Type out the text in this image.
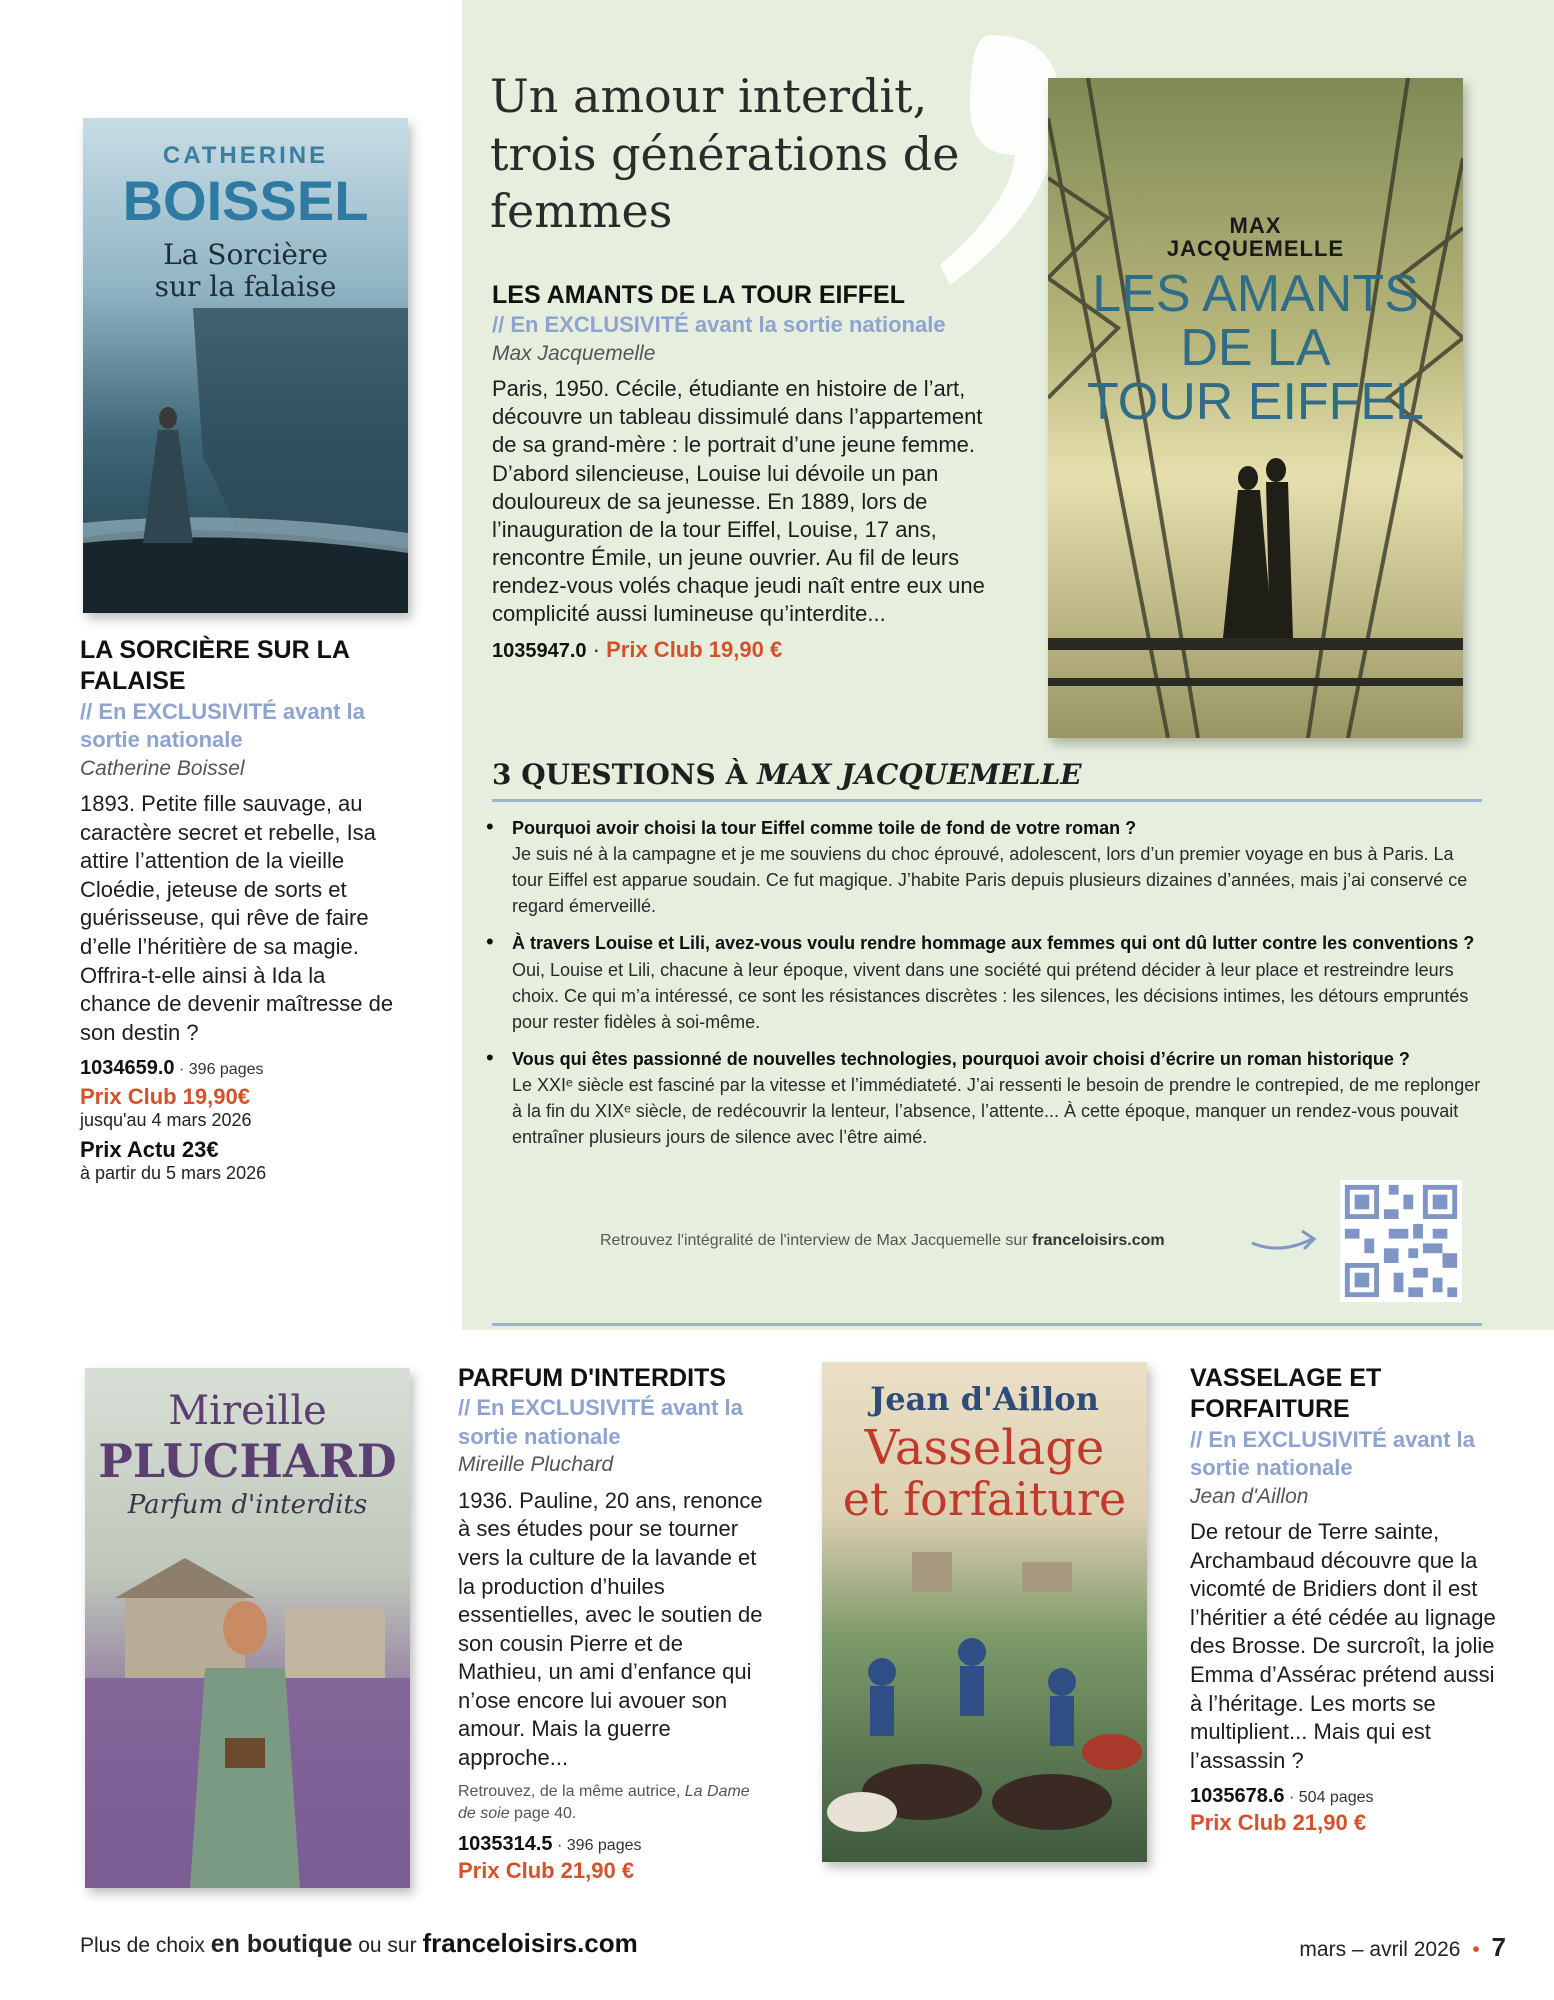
CATHERINE
BOISSEL
La Sorcière
sur la falaise
LA SORCIÈRE SUR LA FALAISE
// En EXCLUSIVITÉ avant la sortie nationale
Catherine Boissel
1893. Petite fille sauvage, au caractère secret et rebelle, Isa attire l’attention de la vieille Cloédie, jeteuse de sorts et guérisseuse, qui rêve de faire d’elle l’héritière de sa magie. Offrira-t-elle ainsi à Ida la chance de devenir maîtresse de son destin ?
1034659.0 · 396 pages
Prix Club 19,90€
jusqu'au 4 mars 2026
Prix Actu 23€
à partir du 5 mars 2026
Un amour interdit,
trois générations de
femmes
LES AMANTS DE LA TOUR EIFFEL
// En EXCLUSIVITÉ avant la sortie nationale
Max Jacquemelle
Paris, 1950. Cécile, étudiante en histoire de l’art, découvre un tableau dissimulé dans l’appartement de sa grand-mère : le portrait d’une jeune femme. D’abord silencieuse, Louise lui dévoile un pan douloureux de sa jeunesse. En 1889, lors de l’inauguration de la tour Eiffel, Louise, 17 ans, rencontre Émile, un jeune ouvrier. Au fil de leurs rendez-vous volés chaque jeudi naît entre eux une complicité aussi lumineuse qu’interdite...
1035947.0 · Prix Club 19,90 €
MAX
JACQUEMELLE
LES AMANTS
DE LA
TOUR EIFFEL
3 QUESTIONS À MAX JACQUEMELLE
• Pourquoi avoir choisi la tour Eiffel comme toile de fond de votre roman ?
Je suis né à la campagne et je me souviens du choc éprouvé, adolescent, lors d’un premier voyage en bus à Paris. La tour Eiffel est apparue soudain. Ce fut magique. J’habite Paris depuis plusieurs dizaines d’années, mais j’ai conservé ce regard émerveillé.
• À travers Louise et Lili, avez-vous voulu rendre hommage aux femmes qui ont dû lutter contre les conventions ?
Oui, Louise et Lili, chacune à leur époque, vivent dans une société qui prétend décider à leur place et restreindre leurs choix. Ce qui m’a intéressé, ce sont les résistances discrètes : les silences, les décisions intimes, les détours empruntés pour rester fidèles à soi-même.
• Vous qui êtes passionné de nouvelles technologies, pourquoi avoir choisi d’écrire un roman historique ?
Le XXIᵉ siècle est fasciné par la vitesse et l’immédiateté. J’ai ressenti le besoin de prendre le contrepied, de me replonger à la fin du XIXᵉ siècle, de redécouvrir la lenteur, l’absence, l’attente... À cette époque, manquer un rendez-vous pouvait entraîner plusieurs jours de silence avec l’être aimé.
Retrouvez l'intégralité de l'interview de Max Jacquemelle sur franceloisirs.com
Mireille
PLUCHARD
Parfum d'interdits
PARFUM D'INTERDITS
// En EXCLUSIVITÉ avant la sortie nationale
Mireille Pluchard
1936. Pauline, 20 ans, renonce à ses études pour se tourner vers la culture de la lavande et la production d’huiles essentielles, avec le soutien de son cousin Pierre et de Mathieu, un ami d’enfance qui n’ose encore lui avouer son amour. Mais la guerre approche...
Retrouvez, de la même autrice, La Dame de soie page 40.
1035314.5 · 396 pages
Prix Club 21,90 €
Jean d'Aillon
Vasselage
et forfaiture
VASSELAGE ET FORFAITURE
// En EXCLUSIVITÉ avant la sortie nationale
Jean d'Aillon
De retour de Terre sainte, Archambaud découvre que la vicomté de Bridiers dont il est l’héritier a été cédée au lignage des Brosse. De surcroît, la jolie Emma d’Assérac prétend aussi à l’héritage. Les morts se multiplient... Mais qui est l’assassin ?
1035678.6 · 504 pages
Prix Club 21,90 €
Plus de choix en boutique ou sur franceloisirs.com	mars – avril 2026 • 7
